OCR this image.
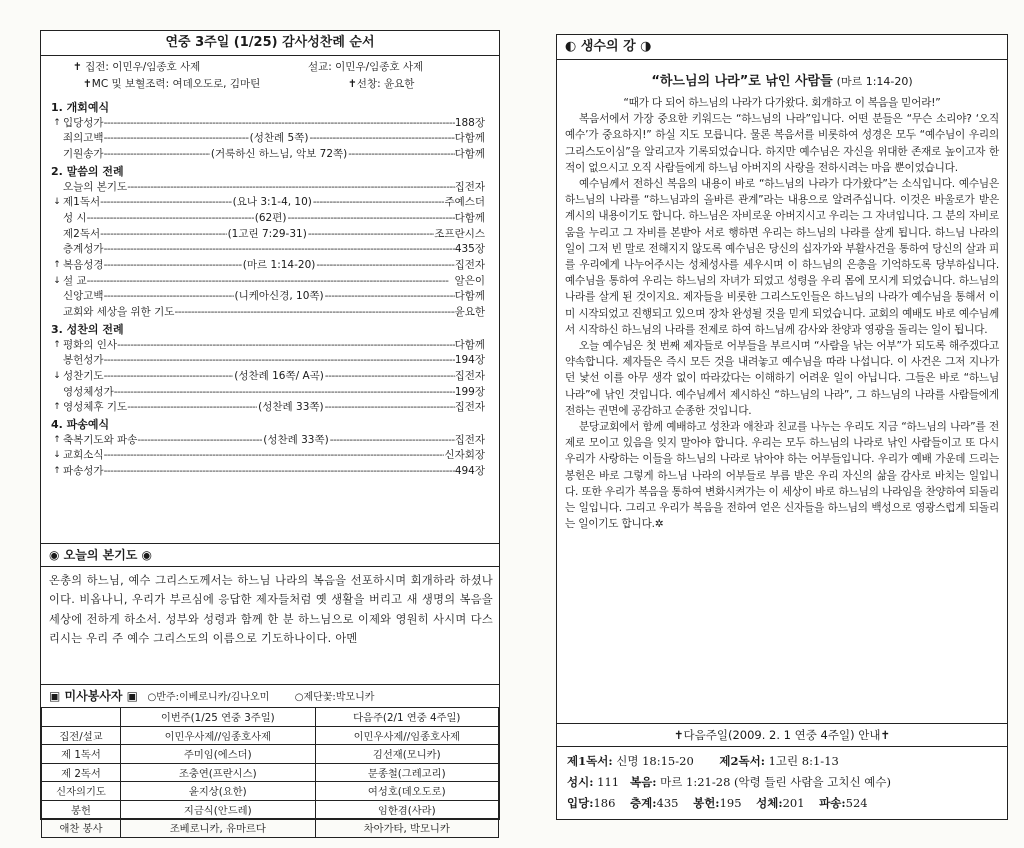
연중 3주일 (1/25) 감사성찬례 순서
✝ 집전: 이민우/임종호 사제	설교: 이민우/임종호 사제
✝MC 및 보혈조력: 여데오도로, 김마틴	✝선창: 윤요한
1. 개회예식
↑ 입당성가 -----	188장
죄의고백 -----	(성찬례 5쪽) -----	다함께
기원송가 -----	(거룩하신 하느님, 악보 72쪽) -----	다함께
2. 말씀의 전례
오늘의 본기도 -----	집전자
↓ 제1독서 -----	(요나 3:1-4, 10) -----	주예스더
성 시 -----	(62편) -----	다함께
제2독서 -----	(1고린 7:29-31) -----	조프란시스
층계성가 -----	435장
↑ 복음성경 -----	(마르 1:14-20) -----	집전자
↓ 설 교 -----	알은이
신앙고백 -----	(니케아신경, 10쪽) -----	다함께
교회와 세상을 위한 기도 -----	윤요한
3. 성찬의 전례
↑ 평화의 인사 -----	다함께
봉헌성가 -----	194장
↓ 성찬기도 -----	(성찬례 16쪽/ A곡) -----	집전자
영성체성가 -----	199장
↑ 영성체후 기도 -----	(성찬례 33쪽) -----	집전자
4. 파송예식
↑ 축복기도와 파송 -----	(성찬례 33쪽) -----	집전자
↓ 교회소식 -----	신자회장
↑ 파송성가 -----	494장
◉ 오늘의 본기도 ◉
온총의 하느님, 예수 그리스도께서는 하느님 나라의 복음을 선포하시며 회개하라 하셨나이다. 비옵나니, 우리가 부르심에 응답한 제자들처럼 옛 생활을 버리고 새 생명의 복음을 세상에 전하게 하소서. 성부와 성령과 함께 한 분 하느님으로 이제와 영원히 사시며 다스리시는 우리 주 예수 그리스도의 이름으로 기도하나이다. 아멘
▣ 미사봉사자 ▣ ○반주:이베로니카/김나오미	○제단꽃:박모니카
	이번주(1/25 연중 3주일)	다음주(2/1 연중 4주일)
집전/설교	이민우사제//임종호사제	이민우사제//임종호사제
제 1독서	주미임(에스더)	김선재(모니카)
제 2독서	조충연(프란시스)	문종철(그레고리)
신자의기도	윤지상(요한)	여성호(데오도로)
봉헌	지금식(안드레)	임한겸(사라)
애찬 봉사	조베로니카, 유마르다	차아가타, 박모니카
◐ 생수의 강 ◑
“하느님의 나라”로 낚인 사람들 (마르 1:14-20)

“때가 다 되어 하느님의 나라가 다가왔다. 회개하고 이 복음을 믿어라!”

복음서에서 가장 중요한 키워드는 “하느님의 나라”입니다. 어떤 분들은 “무슨 소리야? ‘오직 예수’가 중요하지!” 하실 지도 모릅니다. 물론 복음서를 비롯하여 성경은 모두 “예수님이 우리의 그리스도이심”을 알리고자 기록되었습니다. 하지만 예수님은 자신을 위대한 존재로 높이고자 한 적이 없으시고 오직 사람들에게 하느님 아버지의 사랑을 전하시려는 마음 뿐이었습니다.

예수님께서 전하신 복음의 내용이 바로 “하느님의 나라가 다가왔다”는 소식입니다. 예수님은 하느님의 나라를 “하느님과의 올바른 관계”라는 내용으로 알려주십니다. 이것은 바울로가 받은 계시의 내용이기도 합니다. 하느님은 자비로운 아버지시고 우리는 그 자녀입니다. 그 분의 자비로움을 누리고 그 자비를 본받아 서로 행하면 우리는 하느님의 나라를 살게 됩니다. 하느님 나라의 일이 그저 빈 말로 전해지지 않도록 예수님은 당신의 십자가와 부활사건을 통하여 당신의 살과 피를 우리에게 나누어주시는 성체성사를 세우시며 이 하느님의 은총을 기억하도록 당부하십니다. 예수님을 통하여 우리는 하느님의 자녀가 되었고 성령을 우리 몸에 모시게 되었습니다. 하느님의 나라를 살게 된 것이지요. 제자들을 비롯한 그리스도인들은 하느님의 나라가 예수님을 통해서 이미 시작되었고 진행되고 있으며 장차 완성될 것을 믿게 되었습니다. 교회의 예배도 바로 예수님께서 시작하신 하느님의 나라를 전제로 하여 하느님께 감사와 찬양과 영광을 돌리는 일이 됩니다.

오늘 예수님은 첫 번째 제자들로 어부들을 부르시며 “사람을 낚는 어부”가 되도록 해주겠다고 약속합니다. 제자들은 즉시 모든 것을 내려놓고 예수님을 따라 나섭니다. 이 사건은 그저 지나가던 낯선 이를 아무 생각 없이 따라갔다는 이해하기 어려운 일이 아닙니다. 그들은 바로 “하느님 나라”에 낚인 것입니다. 예수님께서 제시하신 “하느님의 나라”, 그 하느님의 나라를 사람들에게 전하는 권면에 공감하고 순종한 것입니다.

분당교회에서 함께 예배하고 성찬과 애찬과 친교를 나누는 우리도 지금 “하느님의 나라”를 전제로 모이고 있음을 잊지 말아야 합니다. 우리는 모두 하느님의 나라로 낚인 사람들이고 또 다시 우리가 사랑하는 이들을 하느님의 나라로 낚아야 하는 어부들입니다. 우리가 예배 가운데 드리는 봉헌은 바로 그렇게 하느님 나라의 어부들로 부름 받은 우리 자신의 삶을 감사로 바치는 일입니다. 또한 우리가 복음을 통하여 변화시켜가는 이 세상이 바로 하느님의 나라임을 찬양하여 되돌리는 일입니다. 그리고 우리가 복음을 전하여 얻은 신자들을 하느님의 백성으로 영광스럽게 되돌리는 일이기도 합니다.✲

✝다음주일(2009. 2. 1 연중 4주일) 안내✝
제1독서: 신명 18:15-20 제2독서: 1고린 8:1-13
성시: 111 복음: 마르 1:21-28 (악령 들린 사람을 고치신 예수)
입당:186 층계:435 봉헌:195 성체:201 파송:524
